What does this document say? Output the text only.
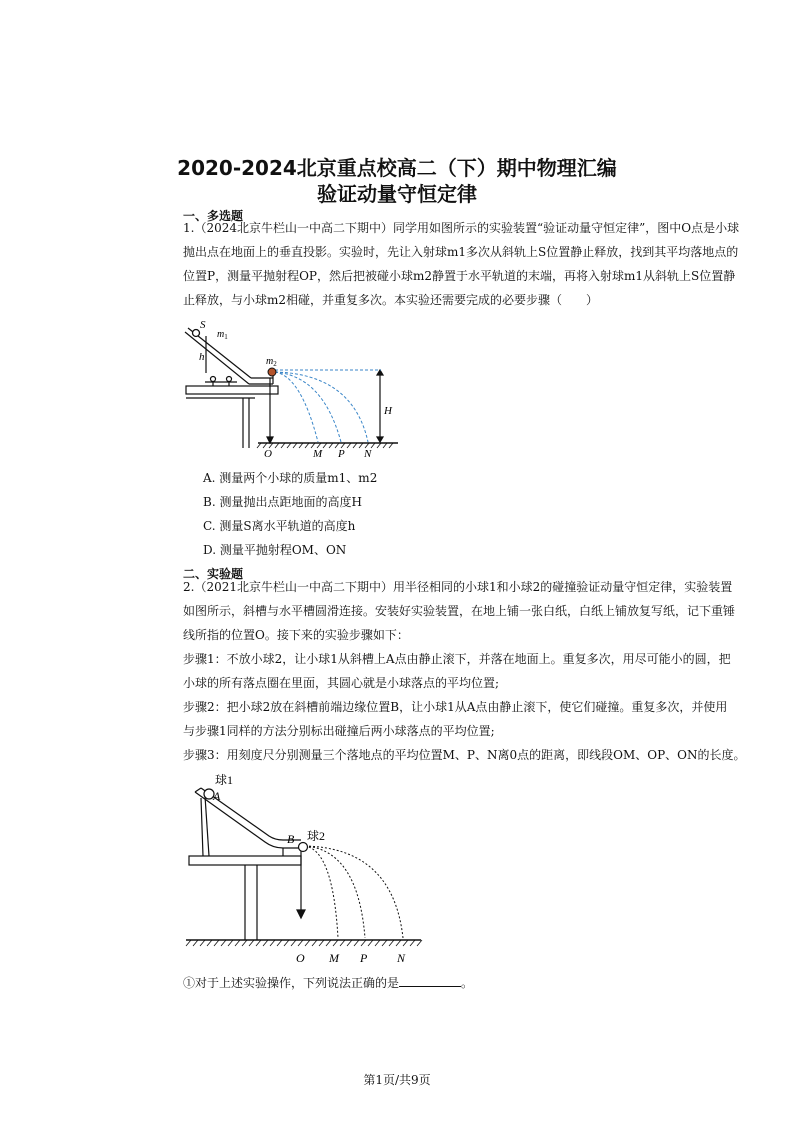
2020-2024北京重点校高二（下）期中物理汇编
验证动量守恒定律
一、多选题
1.（2024北京牛栏山一中高二下期中）同学用如图所示的实验装置“验证动量守恒定律”，图中O点是小球
抛出点在地面上的垂直投影。实验时，先让入射球m1多次从斜轨上S位置静止释放，找到其平均落地点的
位置P，测量平抛射程OP，然后把被碰小球m2静置于水平轨道的末端，再将入射球m1从斜轨上S位置静
止释放，与小球m2相碰，并重复多次。本实验还需要完成的必要步骤（　　）
S
$m_1$
$m_2$
h
H
O	M P N
A. 测量两个小球的质量m1、m2
B. 测量抛出点距地面的高度H
C. 测量S离水平轨道的高度h
D. 测量平抛射程OM、ON
二、实验题
2.（2021北京牛栏山一中高二下期中）用半径相同的小球1和小球2的碰撞验证动量守恒定律，实验装置
如图所示，斜槽与水平槽圆滑连接。安装好实验装置，在地上铺一张白纸，白纸上铺放复写纸，记下重锤
线所指的位置O。接下来的实验步骤如下：
步骤1：不放小球2，让小球1从斜槽上A点由静止滚下，并落在地面上。重复多次，用尽可能小的圆，把
小球的所有落点圈在里面，其圆心就是小球落点的平均位置;
步骤2：把小球2放在斜槽前端边缘位置B，让小球1从A点由静止滚下，使它们碰撞。重复多次，并使用
与步骤1同样的方法分别标出碰撞后两小球落点的平均位置;
步骤3：用刻度尺分别测量三个落地点的平均位置M、P、N离0点的距离，即线段OM、OP、ON的长度。
球1
A
B 球2
O M P N
①对于上述实验操作，下列说法正确的是	。
第1页/共9页
